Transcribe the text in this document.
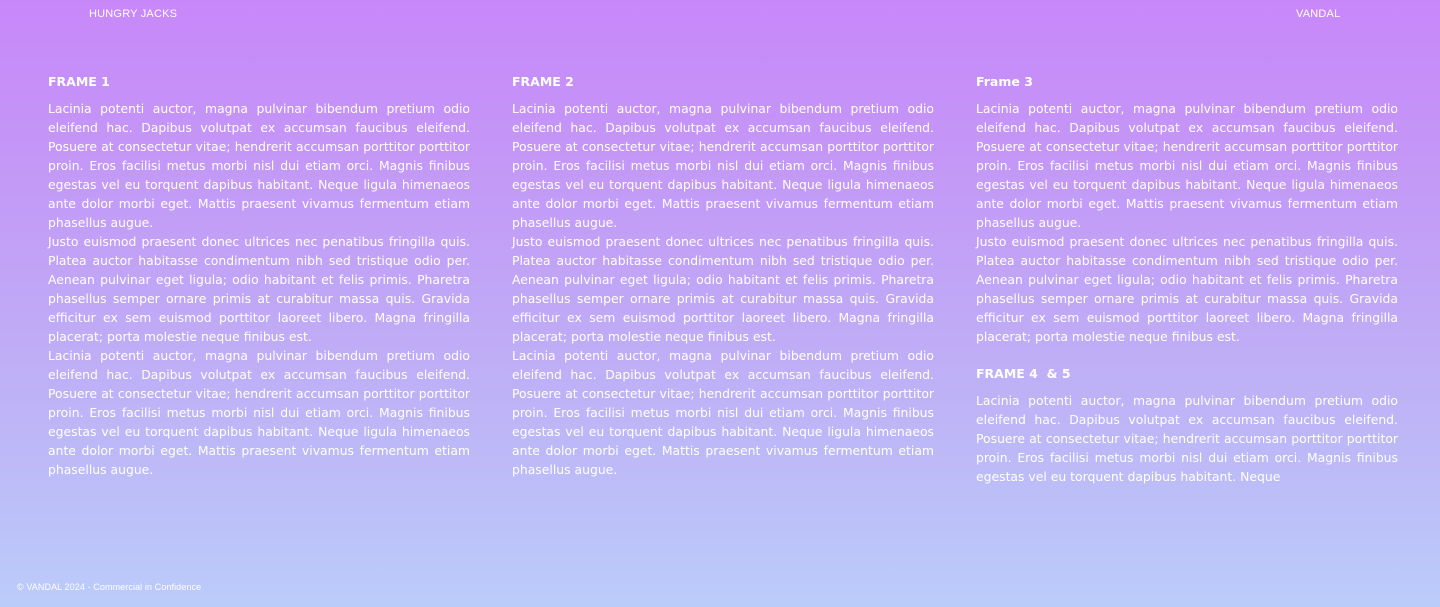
HUNGRY JACKS	VANDAL
FRAME 1

Lacinia potenti auctor, magna pulvinar bibendum pretium odio eleifend hac. Dapibus volutpat ex accumsan faucibus eleifend. Posuere at consectetur vitae; hendrerit accumsan porttitor porttitor proin. Eros facilisi metus morbi nisl dui etiam orci. Magnis finibus egestas vel eu torquent dapibus habitant. Neque ligula himenaeos ante dolor morbi eget. Mattis praesent vivamus fermentum etiam phasellus augue.

Justo euismod praesent donec ultrices nec penatibus fringilla quis. Platea auctor habitasse condimentum nibh sed tristique odio per. Aenean pulvinar eget ligula; odio habitant et felis primis. Pharetra phasellus semper ornare primis at curabitur massa quis. Gravida efficitur ex sem euismod porttitor laoreet libero. Magna fringilla placerat; porta molestie neque finibus est.

Lacinia potenti auctor, magna pulvinar bibendum pretium odio eleifend hac. Dapibus volutpat ex accumsan faucibus eleifend. Posuere at consectetur vitae; hendrerit accumsan porttitor porttitor proin. Eros facilisi metus morbi nisl dui etiam orci. Magnis finibus egestas vel eu torquent dapibus habitant. Neque ligula himenaeos ante dolor morbi eget. Mattis praesent vivamus fermentum etiam phasellus augue.

FRAME 2

Lacinia potenti auctor, magna pulvinar bibendum pretium odio eleifend hac. Dapibus volutpat ex accumsan faucibus eleifend. Posuere at consectetur vitae; hendrerit accumsan porttitor porttitor proin. Eros facilisi metus morbi nisl dui etiam orci. Magnis finibus egestas vel eu torquent dapibus habitant. Neque ligula himenaeos ante dolor morbi eget. Mattis praesent vivamus fermentum etiam phasellus augue.

Justo euismod praesent donec ultrices nec penatibus fringilla quis. Platea auctor habitasse condimentum nibh sed tristique odio per. Aenean pulvinar eget ligula; odio habitant et felis primis. Pharetra phasellus semper ornare primis at curabitur massa quis. Gravida efficitur ex sem euismod porttitor laoreet libero. Magna fringilla placerat; porta molestie neque finibus est.

Lacinia potenti auctor, magna pulvinar bibendum pretium odio eleifend hac. Dapibus volutpat ex accumsan faucibus eleifend. Posuere at consectetur vitae; hendrerit accumsan porttitor porttitor proin. Eros facilisi metus morbi nisl dui etiam orci. Magnis finibus egestas vel eu torquent dapibus habitant. Neque ligula himenaeos ante dolor morbi eget. Mattis praesent vivamus fermentum etiam phasellus augue.

Frame 3

Lacinia potenti auctor, magna pulvinar bibendum pretium odio eleifend hac. Dapibus volutpat ex accumsan faucibus eleifend. Posuere at consectetur vitae; hendrerit accumsan porttitor porttitor proin. Eros facilisi metus morbi nisl dui etiam orci. Magnis finibus egestas vel eu torquent dapibus habitant. Neque ligula himenaeos ante dolor morbi eget. Mattis praesent vivamus fermentum etiam phasellus augue.

Justo euismod praesent donec ultrices nec penatibus fringilla quis. Platea auctor habitasse condimentum nibh sed tristique odio per. Aenean pulvinar eget ligula; odio habitant et felis primis. Pharetra phasellus semper ornare primis at curabitur massa quis. Gravida efficitur ex sem euismod porttitor laoreet libero. Magna fringilla placerat; porta molestie neque finibus est.

FRAME 4  & 5

Lacinia potenti auctor, magna pulvinar bibendum pretium odio eleifend hac. Dapibus volutpat ex accumsan faucibus eleifend. Posuere at consectetur vitae; hendrerit accumsan porttitor porttitor proin. Eros facilisi metus morbi nisl dui etiam orci. Magnis finibus egestas vel eu torquent dapibus habitant. Neque

© VANDAL 2024 - Commercial in Confidence
